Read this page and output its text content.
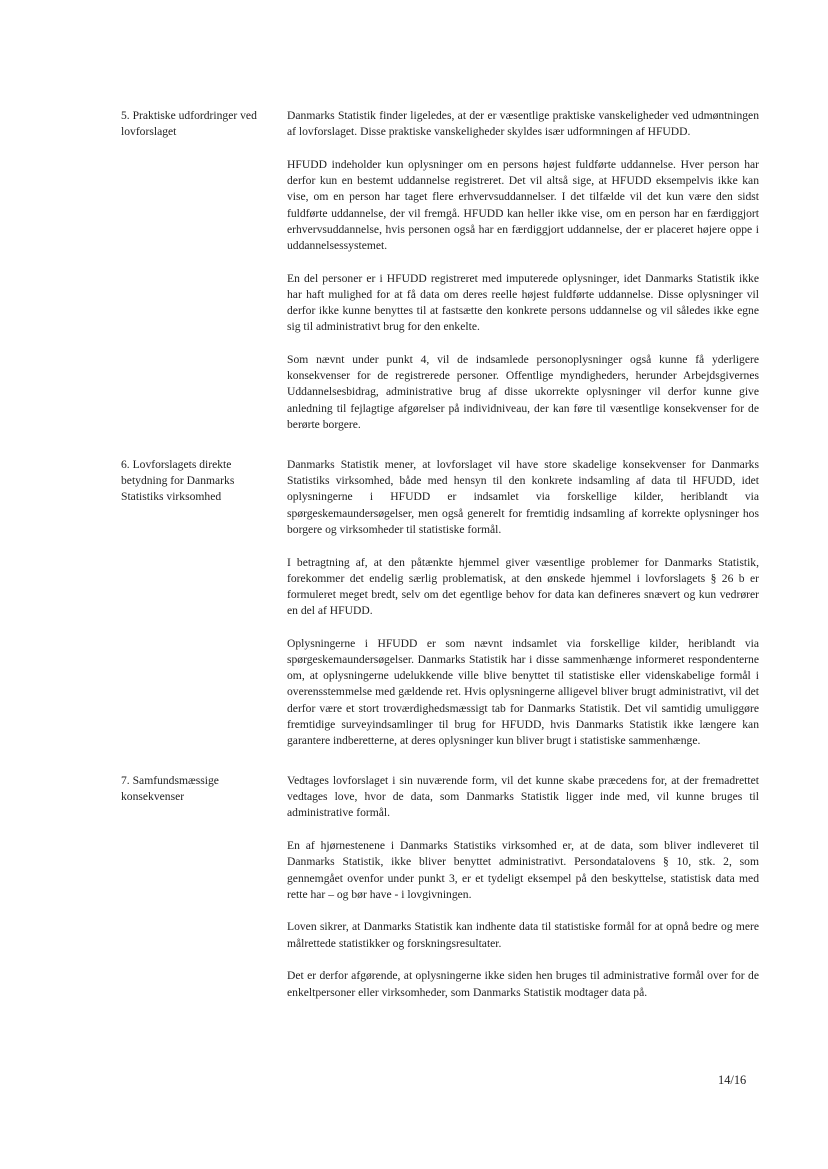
5. Praktiske udfordringer ved lovforslaget

Danmarks Statistik finder ligeledes, at der er væsentlige praktiske vanskeligheder ved udmøntningen af lovforslaget. Disse praktiske vanskeligheder skyldes især udformningen af HFUDD.

HFUDD indeholder kun oplysninger om en persons højest fuldførte uddannelse. Hver person har derfor kun en bestemt uddannelse registreret. Det vil altså sige, at HFUDD eksempelvis ikke kan vise, om en person har taget flere erhvervsuddannelser. I det tilfælde vil det kun være den sidst fuldførte uddannelse, der vil fremgå. HFUDD kan heller ikke vise, om en person har en færdiggjort erhvervsuddannelse, hvis personen også har en færdiggjort uddannelse, der er placeret højere oppe i uddannelsessystemet.

En del personer er i HFUDD registreret med imputerede oplysninger, idet Danmarks Statistik ikke har haft mulighed for at få data om deres reelle højest fuldførte uddannelse. Disse oplysninger vil derfor ikke kunne benyttes til at fastsætte den konkrete persons uddannelse og vil således ikke egne sig til administrativt brug for den enkelte.

Som nævnt under punkt 4, vil de indsamlede personoplysninger også kunne få yderligere konsekvenser for de registrerede personer. Offentlige myndigheders, herunder Arbejdsgivernes Uddannelsesbidrag, administrative brug af disse ukorrekte oplysninger vil derfor kunne give anledning til fejlagtige afgørelser på individniveau, der kan føre til væsentlige konsekvenser for de berørte borgere.

6. Lovforslagets direkte betydning for Danmarks Statistiks virksomhed

Danmarks Statistik mener, at lovforslaget vil have store skadelige konsekvenser for Danmarks Statistiks virksomhed, både med hensyn til den konkrete indsamling af data til HFUDD, idet oplysningerne i HFUDD er indsamlet via forskellige kilder, heriblandt via spørgeskemaundersøgelser, men også generelt for fremtidig indsamling af korrekte oplysninger hos borgere og virksomheder til statistiske formål.

I betragtning af, at den påtænkte hjemmel giver væsentlige problemer for Danmarks Statistik, forekommer det endelig særlig problematisk, at den ønskede hjemmel i lovforslagets § 26 b er formuleret meget bredt, selv om det egentlige behov for data kan defineres snævert og kun vedrører en del af HFUDD.

Oplysningerne i HFUDD er som nævnt indsamlet via forskellige kilder, heriblandt via spørgeskemaundersøgelser. Danmarks Statistik har i disse sammenhænge informeret respondenterne om, at oplysningerne udelukkende ville blive benyttet til statistiske eller videnskabelige formål i overensstemmelse med gældende ret. Hvis oplysningerne alligevel bliver brugt administrativt, vil det derfor være et stort troværdighedsmæssigt tab for Danmarks Statistik. Det vil samtidig umuliggøre fremtidige surveyindsamlinger til brug for HFUDD, hvis Danmarks Statistik ikke længere kan garantere indberetterne, at deres oplysninger kun bliver brugt i statistiske sammenhænge.

7. Samfundsmæssige konsekvenser

Vedtages lovforslaget i sin nuværende form, vil det kunne skabe præcedens for, at der fremadrettet vedtages love, hvor de data, som Danmarks Statistik ligger inde med, vil kunne bruges til administrative formål.

En af hjørnestenene i Danmarks Statistiks virksomhed er, at de data, som bliver indleveret til Danmarks Statistik, ikke bliver benyttet administrativt. Persondatalovens § 10, stk. 2, som gennemgået ovenfor under punkt 3, er et tydeligt eksempel på den beskyttelse, statistisk data med rette har – og bør have - i lovgivningen.

Loven sikrer, at Danmarks Statistik kan indhente data til statistiske formål for at opnå bedre og mere målrettede statistikker og forskningsresultater.

Det er derfor afgørende, at oplysningerne ikke siden hen bruges til administrative formål over for de enkeltpersoner eller virksomheder, som Danmarks Statistik modtager data på.

14/16
